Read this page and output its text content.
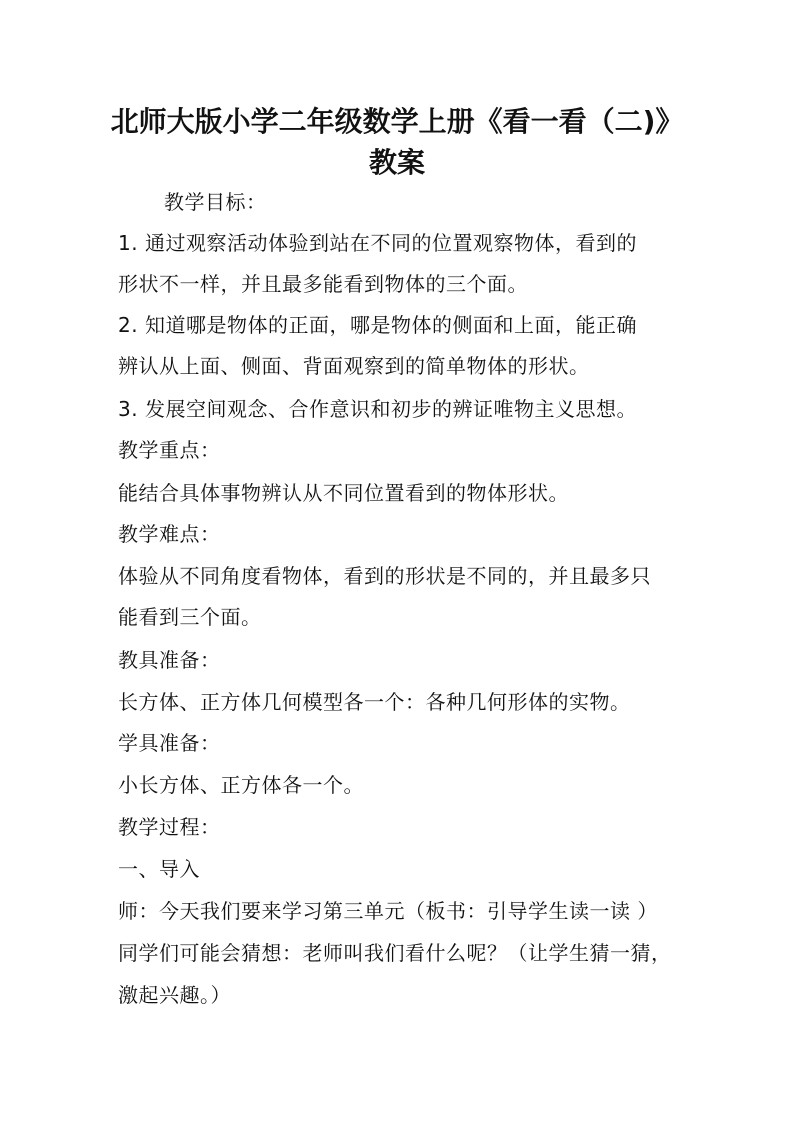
北师大版小学二年级数学上册《看一看（二)》
教案
教学目标：
1. 通过观察活动体验到站在不同的位置观察物体，看到的
形状不一样，并且最多能看到物体的三个面。
2. 知道哪是物体的正面，哪是物体的侧面和上面，能正确
辨认从上面、侧面、背面观察到的简单物体的形状。
3. 发展空间观念、合作意识和初步的辨证唯物主义思想。
教学重点：
能结合具体事物辨认从不同位置看到的物体形状。
教学难点：
体验从不同角度看物体，看到的形状是不同的，并且最多只
能看到三个面。
教具准备：
长方体、正方体几何模型各一个：各种几何形体的实物。
学具准备：
小长方体、正方体各一个。
教学过程：
一、导入
师：今天我们要来学习第三单元（板书：引导学生读一读 ）
同学们可能会猜想：老师叫我们看什么呢？（让学生猜一猜，
激起兴趣。）
